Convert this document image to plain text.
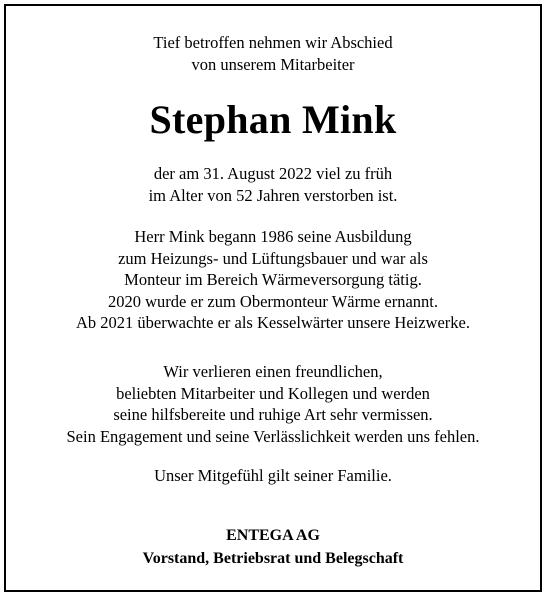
Tief betroffen nehmen wir Abschied

von unserem Mitarbeiter

Stephan Mink

der am 31. August 2022 viel zu früh

im Alter von 52 Jahren verstorben ist.

Herr Mink begann 1986 seine Ausbildung

zum Heizungs- und Lüftungsbauer und war als

Monteur im Bereich Wärmeversorgung tätig.

2020 wurde er zum Obermonteur Wärme ernannt.

Ab 2021 überwachte er als Kesselwärter unsere Heizwerke.

Wir verlieren einen freundlichen,

beliebten Mitarbeiter und Kollegen und werden

seine hilfsbereite und ruhige Art sehr vermissen.

Sein Engagement und seine Verlässlichkeit werden uns fehlen.

Unser Mitgefühl gilt seiner Familie.

ENTEGA AG

Vorstand, Betriebsrat und Belegschaft
